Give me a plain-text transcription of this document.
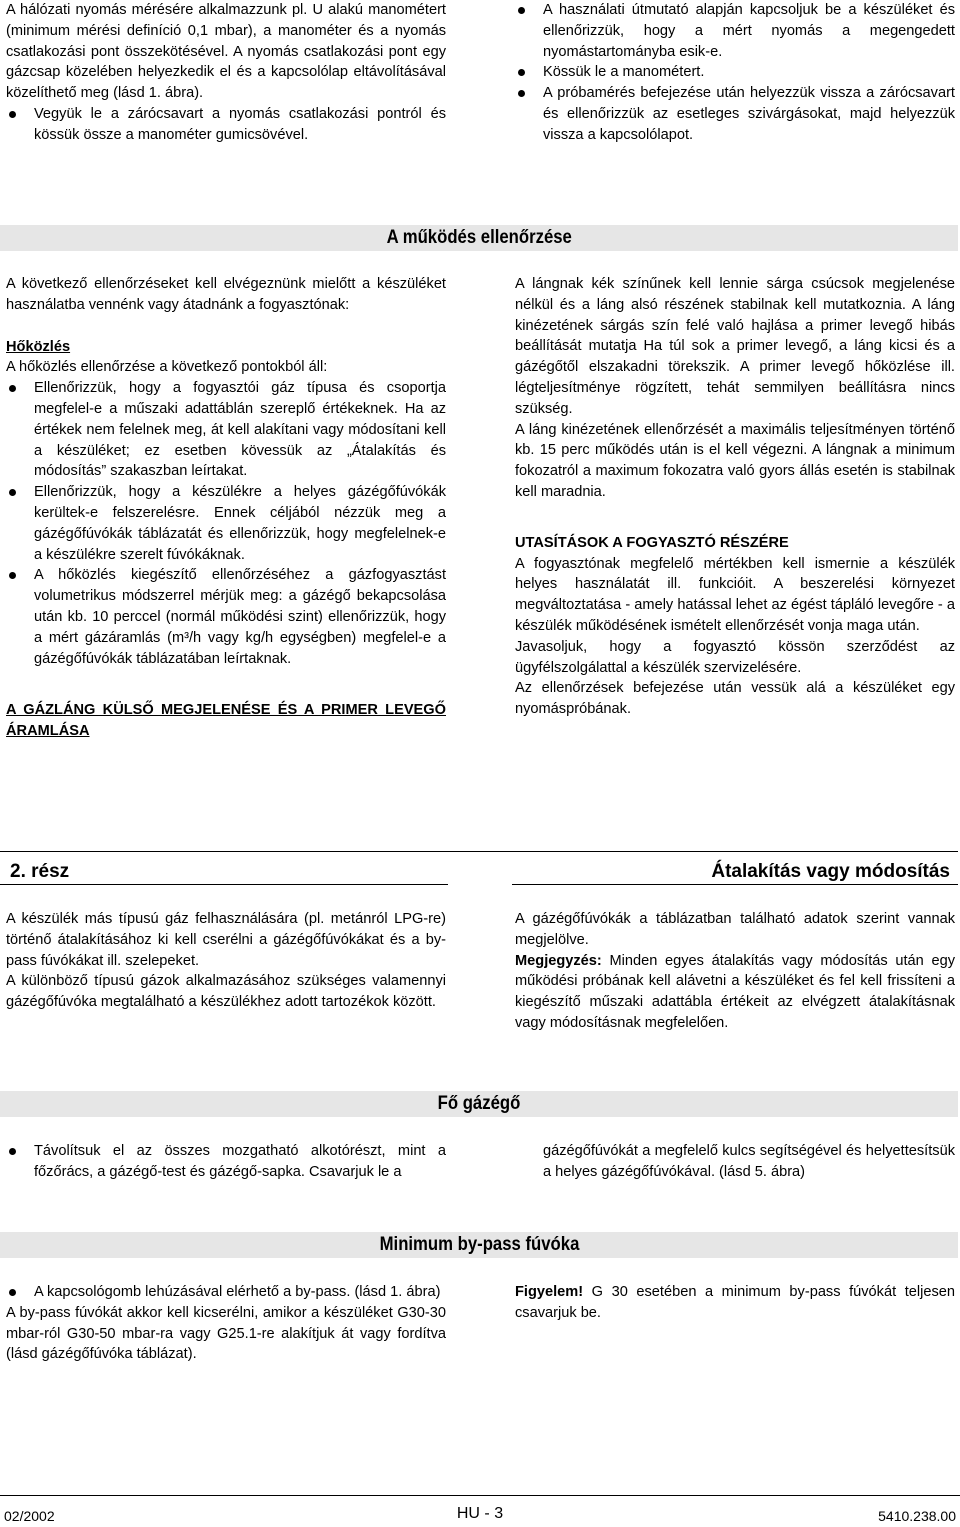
A hálózati nyomás mérésére alkalmazzunk pl. U alakú manométert (minimum mérési definíció 0,1 mbar), a manométer és a nyomás csatlakozási pont összekötésével. A nyomás csatlakozási pont egy gázcsap közelében helyezkedik el és a kapcsolólap eltávolításával közelíthető meg (lásd 1. ábra).

Vegyük le a zárócsavart a nyomás csatlakozási pontról és kössük össze a manométer gumicsövével.
A használati útmutató alapján kapcsoljuk be a készüléket és ellenőrizzük, hogy a mért nyomás a megengedett nyomástartományba esik-e.
Kössük le a manométert.
A próbamérés befejezése után helyezzük vissza a zárócsavart és ellenőrizzük az esetleges szivárgásokat, majd helyezzük vissza a kapcsolólapot.
A működés ellenőrzése

A következő ellenőrzéseket kell elvégeznünk mielőtt a készüléket használatba vennénk vagy átadnánk a fogyasztónak:

Hőközlés

A hőközlés ellenőrzése a következő pontokból áll:

Ellenőrizzük, hogy a fogyasztói gáz típusa és csoportja megfelel-e a műszaki adattáblán szereplő értékeknek. Ha az értékek nem felelnek meg, át kell alakítani vagy módosítani kell a készüléket; ez esetben kövessük az „Átalakítás és módosítás” szakaszban leírtakat.
Ellenőrizzük, hogy a készülékre a helyes gázégőfúvókák kerültek-e felszerelésre. Ennek céljából nézzük meg a gázégőfúvókák táblázatát és ellenőrizzük, hogy megfelelnek-e a készülékre szerelt fúvókáknak.
A hőközlés kiegészítő ellenőrzéséhez a gázfogyasztást volumetrikus módszerrel mérjük meg: a gázégő bekapcsolása után kb. 10 perccel (normál működési szint) ellenőrizzük, hogy a mért gázáramlás (m³/h vagy kg/h egységben) megfelel-e a gázégőfúvókák táblázatában leírtaknak.
A GÁZLÁNG KÜLSŐ MEGJELENÉSE ÉS A PRIMER LEVEGŐ ÁRAMLÁSA

A lángnak kék színűnek kell lennie sárga csúcsok megjelenése nélkül és a láng alsó részének stabilnak kell mutatkoznia. A láng kinézetének sárgás szín felé való hajlása a primer levegő hibás beállítását mutatja Ha túl sok a primer levegő, a láng kicsi és a gázégőtől elszakadni törekszik. A primer levegő hőközlése ill. légteljesítménye rögzített, tehát semmilyen beállításra nincs szükség.

A láng kinézetének ellenőrzését a maximális teljesítményen történő kb. 15 perc működés után is el kell végezni. A lángnak a minimum fokozatról a maximum fokozatra való gyors állás esetén is stabilnak kell maradnia.

UTASÍTÁSOK A FOGYASZTÓ RÉSZÉRE

A fogyasztónak megfelelő mértékben kell ismernie a készülék helyes használatát ill. funkcióit. A beszerelési környezet megváltoztatása - amely hatással lehet az égést tápláló levegőre - a készülék működésének ismételt ellenőrzését vonja maga után.

Javasoljuk, hogy a fogyasztó kössön szerződést az ügyfélszolgálattal a készülék szervizelésére.

Az ellenőrzések befejezése után vessük alá a készüléket egy nyomáspróbának.

2. rész	Átalakítás vagy módosítás

A készülék más típusú gáz felhasználására (pl. metánról LPG-re) történő átalakításához ki kell cserélni a gázégőfúvókákat és a by-pass fúvókákat ill. szelepeket.

A különböző típusú gázok alkalmazásához szükséges valamennyi gázégőfúvóka megtalálható a készülékhez adott tartozékok között.

A gázégőfúvókák a táblázatban található adatok szerint vannak megjelölve.

Megjegyzés: Minden egyes átalakítás vagy módosítás után egy működési próbának kell alávetni a készüléket és fel kell frissíteni a kiegészítő műszaki adattábla értékeit az elvégzett átalakításnak vagy módosításnak megfelelően.

Fő gázégő
Távolítsuk el az összes mozgatható alkotórészt, mint a főzőrács, a gázégő-test és gázégő-sapka. Csavarjuk le a

gázégőfúvókát a megfelelő kulcs segítségével és helyettesítsük a helyes gázégőfúvókával. (lásd 5. ábra)

Minimum by-pass fúvóka
A kapcsológomb lehúzásával elérhető a by-pass. (lásd 1. ábra)

A by-pass fúvókát akkor kell kicserélni, amikor a készüléket G30-30 mbar-ról G30-50 mbar-ra vagy G25.1-re alakítjuk át vagy fordítva (lásd gázégőfúvóka táblázat).

Figyelem! G 30 esetében a minimum by-pass fúvókát teljesen csavarjuk be.

02/2002	HU - 3	5410.238.00
